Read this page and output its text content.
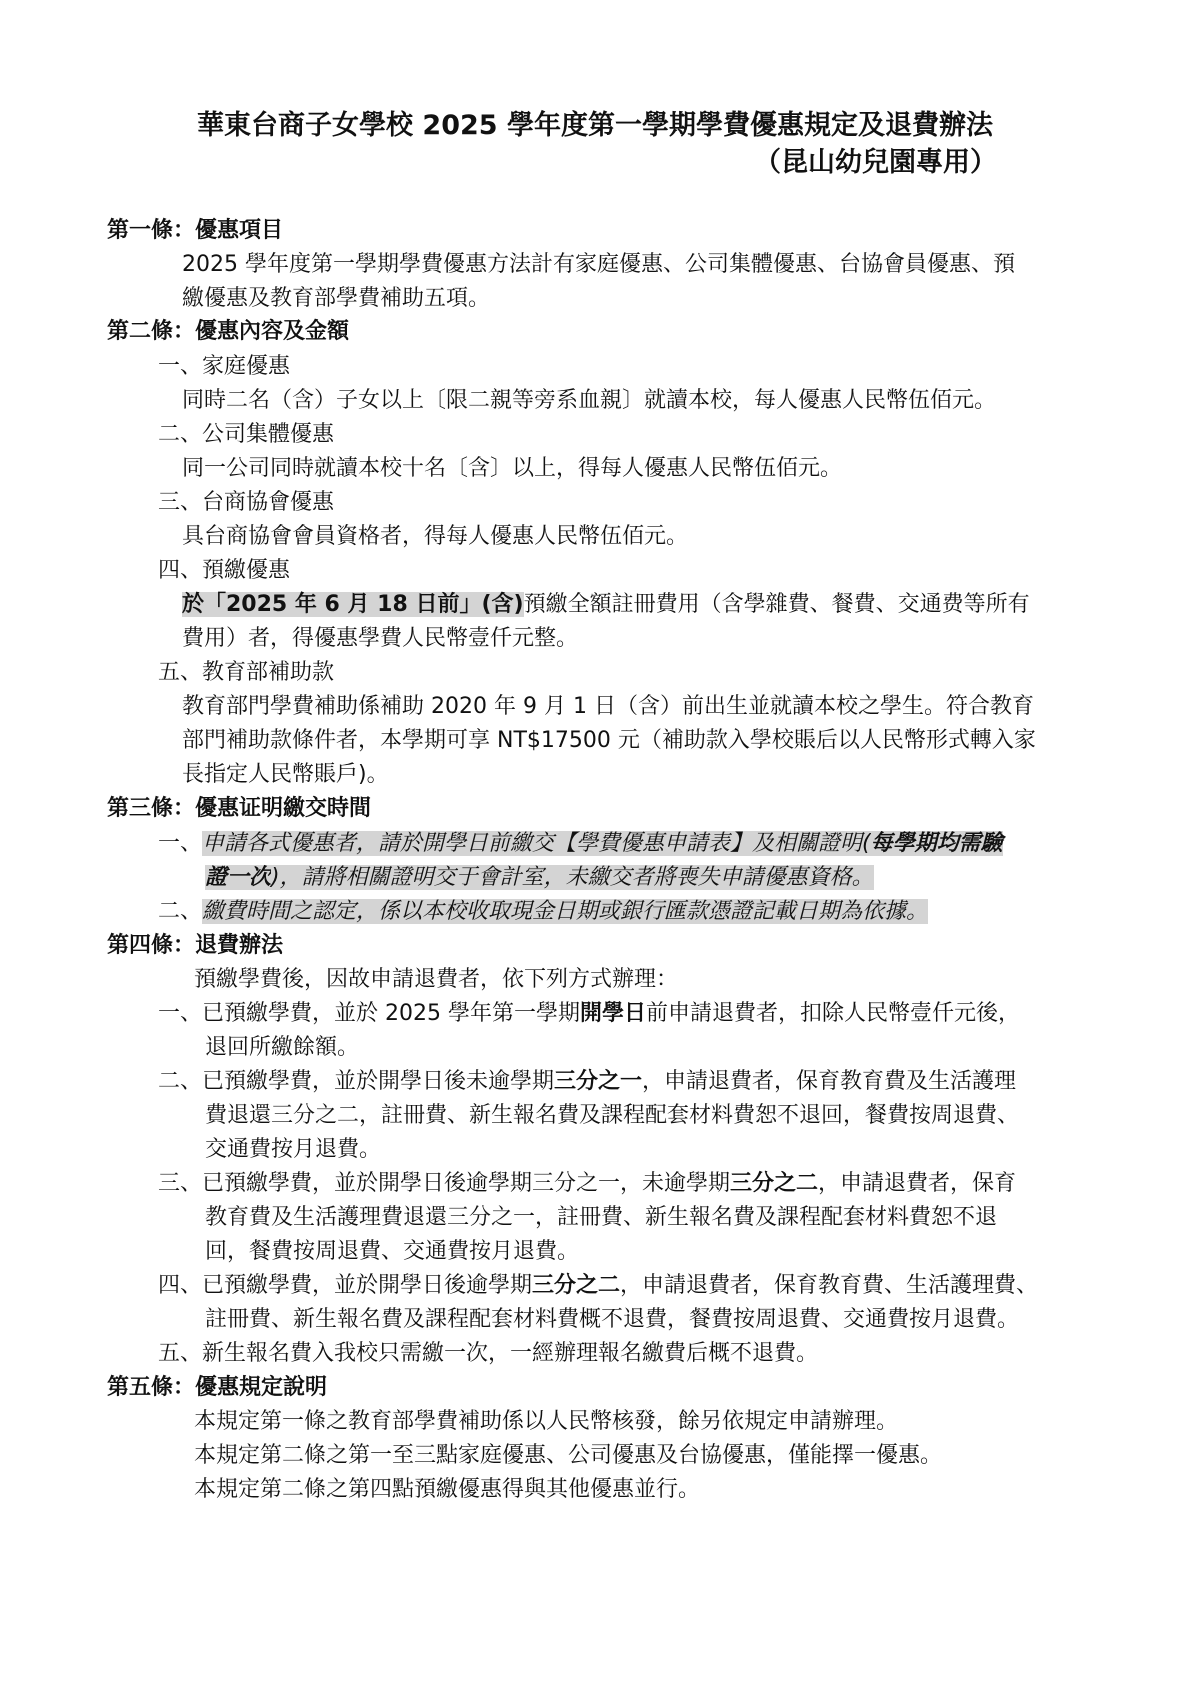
華東台商子女學校 2025 學年度第一學期學費優惠規定及退費辦法
（昆山幼兒園專用）
第一條：優惠項目
2025 學年度第一學期學費優惠方法計有家庭優惠、公司集體優惠、台協會員優惠、預
繳優惠及教育部學費補助五項。
第二條：優惠內容及金額
一、家庭優惠
同時二名（含）子女以上〔限二親等旁系血親〕就讀本校，每人優惠人民幣伍佰元。
二、公司集體優惠
同一公司同時就讀本校十名〔含〕以上，得每人優惠人民幣伍佰元。
三、台商協會優惠
具台商協會會員資格者，得每人優惠人民幣伍佰元。
四、預繳優惠
於「2025 年 6 月 18 日前」(含)預繳全額註冊費用（含學雜費、餐費、交通费等所有
費用）者，得優惠學費人民幣壹仟元整。
五、教育部補助款
教育部門學費補助係補助 2020 年 9 月 1 日（含）前出生並就讀本校之學生。符合教育
部門補助款條件者，本學期可享 NT$17500 元（補助款入學校賬后以人民幣形式轉入家
長指定人民幣賬戶)。
第三條：優惠证明繳交時間
一、申請各式優惠者，請於開學日前繳交【學費優惠申請表】及相關證明(每學期均需驗
證一次)，請將相關證明交于會計室，未繳交者將喪失申請優惠資格。
二、繳費時間之認定，係以本校收取現金日期或銀行匯款憑證記載日期為依據。
第四條：退費辦法
預繳學費後，因故申請退費者，依下列方式辦理：
一、已預繳學費，並於 2025 學年第一學期開學日前申請退費者，扣除人民幣壹仟元後，
退回所繳餘額。
二、已預繳學費，並於開學日後未逾學期三分之一，申請退費者，保育教育費及生活護理
費退還三分之二，註冊費、新生報名費及課程配套材料費恕不退回，餐費按周退費、
交通費按月退費。
三、已預繳學費，並於開學日後逾學期三分之一，未逾學期三分之二，申請退費者，保育
教育費及生活護理費退還三分之一，註冊費、新生報名費及課程配套材料費恕不退
回，餐費按周退費、交通費按月退費。
四、已預繳學費，並於開學日後逾學期三分之二，申請退費者，保育教育費、生活護理費、
註冊費、新生報名費及課程配套材料費概不退費，餐費按周退費、交通費按月退費。
五、新生報名費入我校只需繳一次，一經辦理報名繳費后概不退費。
第五條：優惠規定說明
本規定第一條之教育部學費補助係以人民幣核發，餘另依規定申請辦理。
本規定第二條之第一至三點家庭優惠、公司優惠及台協優惠，僅能擇一優惠。
本規定第二條之第四點預繳優惠得與其他優惠並行。
